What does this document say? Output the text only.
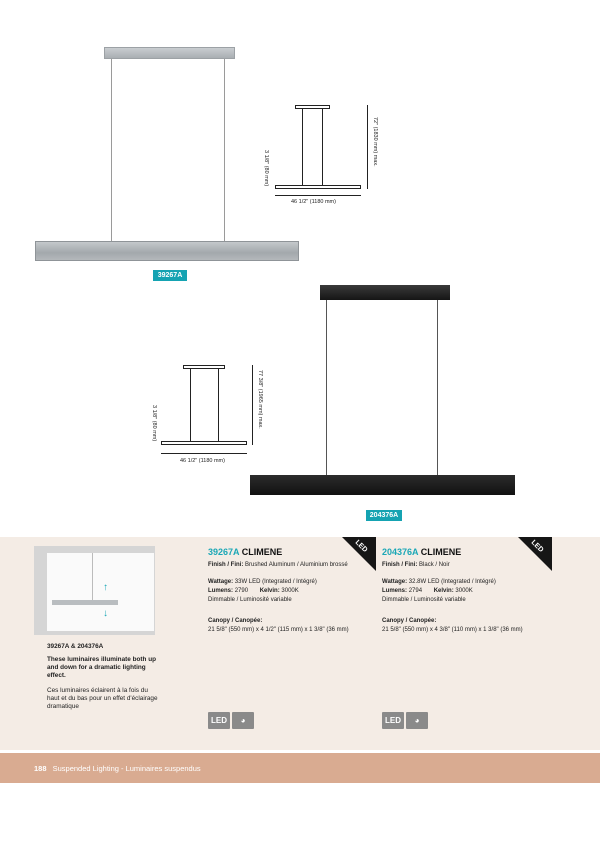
39267A
46 1/2" (1180 mm)
72" (1830 mm) max.
3 1/8" (80 mm)
204376A
46 1/2" (1180 mm)
77 3/8" (1965 mm) max.
3 1/8" (80 mm)
↑
↓
39267A & 204376A
These luminaires illuminate both up and down for a dramatic lighting effect.
Ces luminaires éclairent à la fois du haut et du bas pour un effet d'éclairage dramatique
39267A CLIMENE	LED
Finish / Fini: Brushed Aluminum / Aluminium brossé
Wattage: 33W LED (Integrated / Intégré)
Lumens: 2790 Kelvin: 3000K
Dimmable / Luminosité variable
Canopy / Canopée:
21 5/8" (550 mm) x 4 1/2" (115 mm) x 1 3/8" (36 mm)
LED	◕
204376A CLIMENE	LED
Finish / Fini: Black / Noir
Wattage: 32.8W LED (Integrated / Intégré)
Lumens: 2794 Kelvin: 3000K
Dimmable / Luminosité variable
Canopy / Canopée:
21 5/8" (550 mm) x 4 3/8" (110 mm) x 1 3/8" (36 mm)
LED	◕
188 Suspended Lighting - Luminaires suspendus
